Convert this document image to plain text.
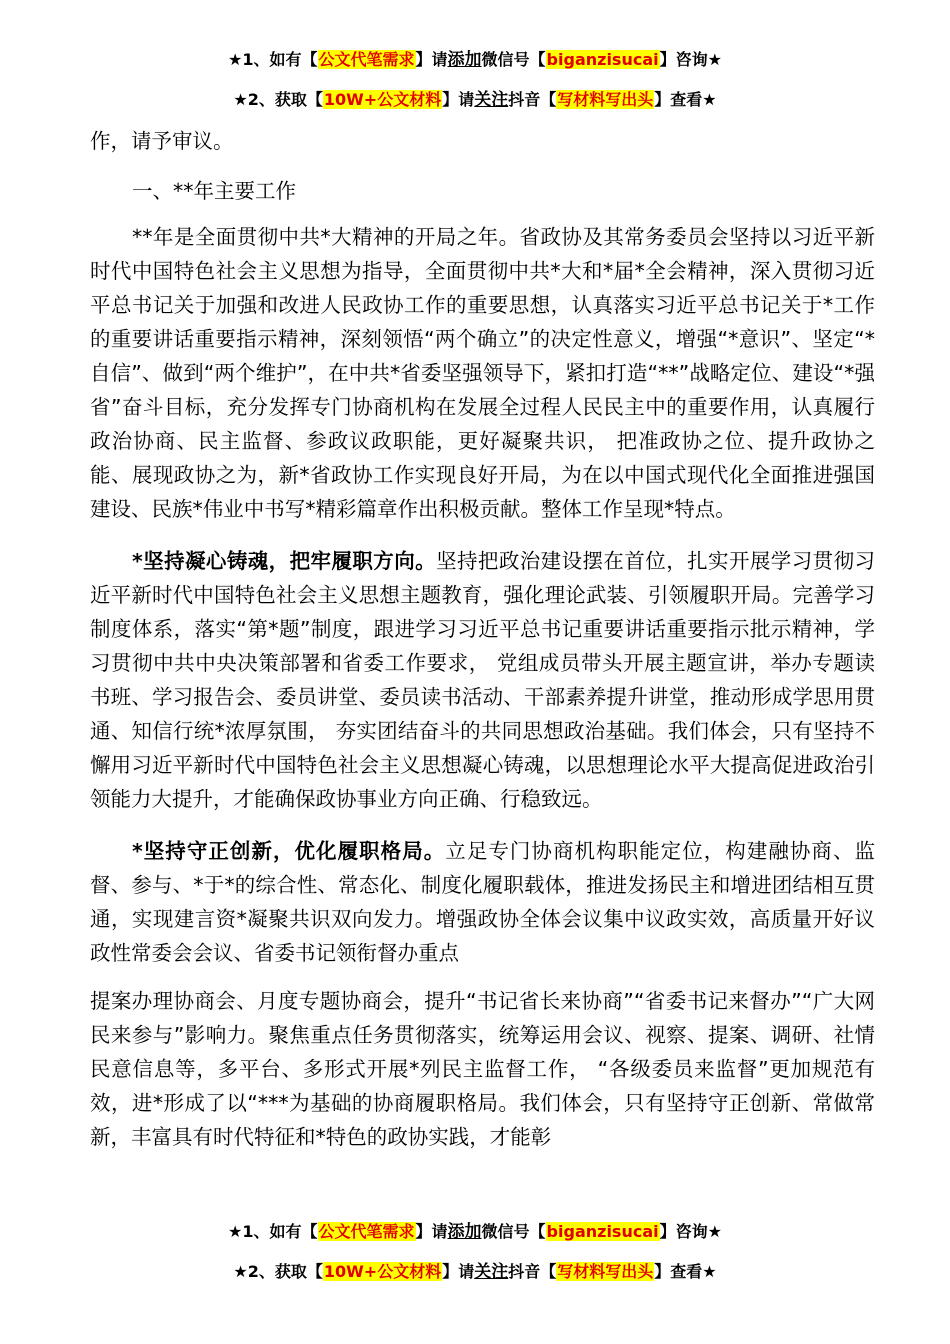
★1、如有【公文代笔需求】请添加微信号【biganzisucai】咨询★
★2、获取【10W+公文材料】请关注抖音【写材料写出头】查看★

作，请予审议。

一、**年主要工作

**年是全面贯彻中共*大精神的开局之年。省政协及其常务委员会坚持以习近平新时代中国特色社会主义思想为指导，全面贯彻中共*大和*届*全会精神，深入贯彻习近平总书记关于加强和改进人民政协工作的重要思想，认真落实习近平总书记关于*工作的重要讲话重要指示精神，深刻领悟“两个确立”的决定性意义，增强“*意识”、坚定“*自信”、做到“两个维护”，在中共*省委坚强领导下，紧扣打造“**”战略定位、建设“*强省”奋斗目标，充分发挥专门协商机构在发展全过程人民民主中的重要作用，认真履行政治协商、民主监督、参政议政职能，更好凝聚共识， 把准政协之位、提升政协之能、展现政协之为，新*省政协工作实现良好开局，为在以中国式现代化全面推进强国建设、民族*伟业中书写*精彩篇章作出积极贡献。整体工作呈现*特点。

*坚持凝心铸魂，把牢履职方向。坚持把政治建设摆在首位，扎实开展学习贯彻习近平新时代中国特色社会主义思想主题教育，强化理论武装、引领履职开局。完善学习制度体系，落实“第*题”制度，跟进学习习近平总书记重要讲话重要指示批示精神，学习贯彻中共中央决策部署和省委工作要求， 党组成员带头开展主题宣讲，举办专题读书班、学习报告会、委员讲堂、委员读书活动、干部素养提升讲堂，推动形成学思用贯通、知信行统*浓厚氛围， 夯实团结奋斗的共同思想政治基础。我们体会，只有坚持不懈用习近平新时代中国特色社会主义思想凝心铸魂，以思想理论水平大提高促进政治引领能力大提升，才能确保政协事业方向正确、行稳致远。

*坚持守正创新，优化履职格局。立足专门协商机构职能定位，构建融协商、监督、参与、*于*的综合性、常态化、制度化履职载体，推进发扬民主和增进团结相互贯通，实现建言资*凝聚共识双向发力。增强政协全体会议集中议政实效，高质量开好议政性常委会会议、省委书记领衔督办重点

提案办理协商会、月度专题协商会，提升“书记省长来协商”“省委书记来督办”“广大网民来参与”影响力。聚焦重点任务贯彻落实，统筹运用会议、视察、提案、调研、社情民意信息等，多平台、多形式开展*列民主监督工作， “各级委员来监督”更加规范有效，进*形成了以“***为基础的协商履职格局。我们体会，只有坚持守正创新、常做常新，丰富具有时代特征和*特色的政协实践，才能彰

★1、如有【公文代笔需求】请添加微信号【biganzisucai】咨询★
★2、获取【10W+公文材料】请关注抖音【写材料写出头】查看★
